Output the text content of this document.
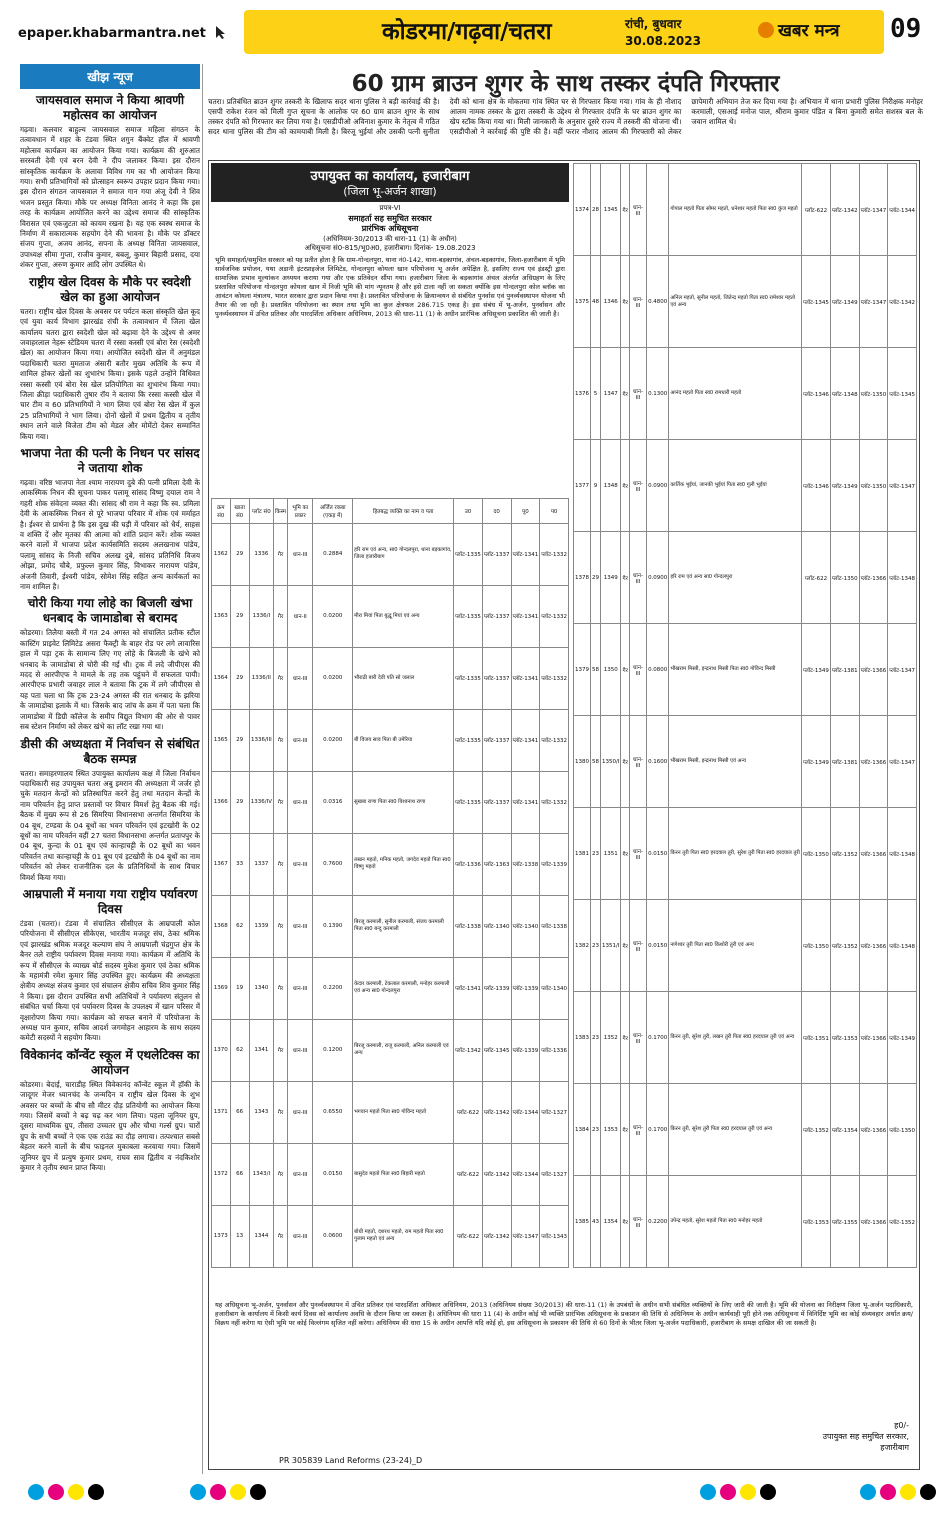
epaper.khabarmantra.net	कोडरमा/गढ़वा/चतरा	रांची, बुधवार
30.08.2023	खबर मन्त्र 09
खीझ न्यूज
जायसवाल समाज ने किया श्रावणी महोत्सव का आयोजन

गढ़वा। कलवार बाहुल्य जायसवाल समाज महिला संगठन के तत्वावधान में शहर के टंडवा स्थित शगुन बैंक्वेट हॉल में श्रावणी महोत्सव कार्यक्रम का आयोजन किया गया। कार्यक्रम की शुरुआत सरस्वती देवी एवं बरन देवी ने दीप जलाकर किया। इस दौरान सांस्कृतिक कार्यक्रम के अलावा विविध गम का भी आयोजन किया गया। सभी प्रतिभागियों को प्रोत्साहन स्वरूप उपहार प्रदान किया गया। इस दौरान संगठन जायसवाल ने समाज गान गया अंजू देवी ने शिव भजन प्रस्तुत किया। मौके पर अध्यक्ष विनिता आनंद ने कहा कि इस तरह के कार्यक्रम आयोजित करने का उद्देश्य समाज की सांस्कृतिक विरासत एवं एकजुटता को कायम रखना है। यह एक स्वस्थ समाज के निर्माण में सकारात्मक सहयोग देने की भावना है। मौके पर डॉक्टर संजय गुप्ता, अजय आनंद, सपना के अध्यक्ष विनिता जायसवाल, उपाध्यक्ष सीमा गुप्ता, राजीव कुमार, बबलू, कुमार बिहारी प्रसाद, दया शंकर गुप्ता, अरुण कुमार आदि लोग उपस्थित थे।

राष्ट्रीय खेल दिवस के मौके पर स्वदेशी खेल का हुआ आयोजन

चतरा। राष्ट्रीय खेल दिवस के अवसर पर पर्यटन कला संस्कृति खेल कूद एवं युवा कार्य विभाग झारखंड रांची के तत्वावधान में जिला खेल कार्यालय चतरा द्वारा स्वदेशी खेल को बढ़ावा देने के उद्देश्य से अमर जवाहरलाल नेहरू स्टेडियम चतरा में रस्सा कस्सी एवं बोरा रेस (स्वदेशी खेल) का आयोजन किया गया। आयोजित स्वदेशी खेल में अनुमंडल पदाधिकारी चतरा मुमताज अंसारी बतौर मुख्य अतिथि के रूप में शामिल होकर खेलों का शुभारंभ किया। इसके पहले उन्होंने विधिवत रस्सा कस्सी एवं बोरा रेस खेल प्रतियोगिता का शुभारंभ किया गया। जिला क्रीड़ा पदाधिकारी तुषार रॉय ने बताया कि रस्सा कस्सी खेल में चार टीम व 60 प्रतिभागियों ने भाग लिया एवं बोरा रेस खेल में कुल 25 प्रतिभागियों ने भाग लिया। दोनों खेलों में प्रथम द्वितीय व तृतीय स्थान लाने वाले विजेता टीम को मेडल और मोमेंटो देकर सम्मानित किया गया।

भाजपा नेता की पत्नी के निधन पर सांसद ने जताया शोक

गढ़वा। वरिष्ठ भाजपा नेता श्याम नारायण दुबे की पत्नी प्रमिला देवी के आकस्मिक निधन की सूचना पाकर पलामू सांसद विष्णु दयाल राम ने गहरी शोक संवेदना व्यक्त की। सांसद श्री राम ने कहा कि स्व. प्रमिला देवी के आकस्मिक निधन से पूरे भाजपा परिवार में शोक एवं मर्माहत है। ईश्वर से प्रार्थना है कि इस दुख की घड़ी में परिवार को धैर्य, साहस व शक्ति दें और मृतका की आत्मा को शांति प्रदान करें। शोक व्यक्त करने वालों में भाजपा प्रदेश कार्यसमिति सदस्य अलखनाथ पांडेय, पलामू सांसद के निजी सचिव अलख दुबे, सांसद प्रतिनिधि विजय ओझा, प्रमोद चौबे, प्रफुल्ल कुमार सिंह, विभाकर नारायण पांडेय, अंजनी तिवारी, ईश्वरी पांडेय, सोमेश सिंह सहित अन्य कार्यकर्ता का नाम शामिल है।

चोरी किया गया लोहे का बिजली खंभा धनबाद के जामाडोबा से बरामद

कोडरमा। तिलैया बस्ती में गत 24 अगस्त को संचालित प्रतीक स्टील कास्टिंग प्राइवेट लिमिटेड असरा फैक्ट्री के बाहर रोड पर लगे लावारिस हाल में पड़ा ट्रक के सामान्य लिए गए लोहे के बिजली के खंभे को धनबाद के जामाडोबा से चोरी की गई थी। ट्रक में लदे जीपीएस की मदद से आरपीएफ ने मामले के तह तक पहुंचने में सफलता पायी। आरपीएफ प्रभारी जवाहर लाल ने बताया कि ट्रक में लगे जीपीएस से यह पता चला था कि ट्रक 23-24 अगस्त की रात धनबाद के झरिया के जामाडोबा इलाके में था। जिसके बाद जांच के क्रम में पता चला कि जामाडोबा में डिग्री कॉलेज के समीप विद्युत विभाग की ओर से पावर सब स्टेशन निर्माण को लेकर खंभे का लॉट रखा गया था।

डीसी की अध्यक्षता में निर्वाचन से संबंधित बैठक सम्पन्न

चतरा। समाहरणालय स्थित उपायुक्त कार्यालय कक्ष में जिला निर्वाचन पदाधिकारी सह उपायुक्त चतरा अबु इमरान की अध्यक्षता में जर्जर हो चुके मतदान केन्द्रों को प्रतिस्थापित करने हेतु तथा मतदान केन्द्रों के नाम परिवर्तन हेतु प्राप्त प्रस्तावों पर विचार विमर्श हेतु बैठक की गई। बैठक में मुख्य रूप से 26 सिमरिया विधानसभा अन्तर्गत सिमरिया के 04 बूथ, टण्डवा के 04 बूथों का भवन परिवर्तन एवं इटखोरी के 02 बूथों का नाम परिवर्तन वहीं 27 चतरा विधानसभा अन्तर्गत प्रतापपुर के 04 बूथ, कुन्दा के 01 बूथ एवं कान्हाचट्टी के 02 बूथों का भवन परिवर्तन तथा कान्हाचट्टी के 01 बूथ एवं इटखोरी के 04 बूथों का नाम परिवर्तन को लेकर राजनीतिक दल के प्रतिनिधियों के साथ विचार विमर्श किया गया।

आम्रपाली में मनाया गया राष्ट्रीय पर्यावरण दिवस

टंडवा (चतरा)। टंडवा में संचालित सीसीएल के आम्रपाली कोल परियोजना में सीसीएल सीकेएस, भारतीय मजदूर संघ, ठेका श्रमिक एवं झारखंड श्रमिक मजदूर कल्याण संघ ने आम्रपाली चंद्रगुप्त क्षेत्र के बैनर तले राष्ट्रीय पर्यावरण दिवस मनाया गया। कार्यक्रम में अतिथि के रूप में सीसीएल के व्याख्य बोर्ड सदस्य मुकेश कुमार एवं ठेका श्रमिक के महामंत्री रमेश कुमार सिंह उपस्थित हुए। कार्यक्रम की अध्यक्षता क्षेत्रीय अध्यक्ष संजय कुमार एवं संचालन क्षेत्रीय सचिव शिव कुमार सिंह ने किया। इस दौरान उपस्थित सभी अतिथियों ने पर्यावरण संतुलन से संबंधित चर्चा किया एवं पर्यावरण दिवस के उपलक्ष्य में खान परिसर में वृक्षारोपण किया गया। कार्यक्रम को सफल बनाने में परियोजना के अध्यक्ष पान कुमार, सचिव आदर्श जगमोहन आहारम के साथ सदस्य कमेटी सदस्यों ने सहयोग किया।

विवेकानंद कॉन्वेंट स्कूल में एथलेटिक्स का आयोजन

कोडरमा। बेदाई, चाराडीह स्थित विवेकानंद कॉन्वेंट स्कूल में हॉकी के जादूगर मेजर ध्यानचंद के जन्मदिन व राष्ट्रीय खेल दिवस के शुभ अवसर पर बच्चों के बीच सौ मीटर दौड़ प्रतियोगी का आयोजन किया गया। जिसमें बच्चों ने बढ़ चढ़ कर भाग लिया। पहला जूनियर ग्रुप, दूसरा माध्यमिक ग्रुप, तीसरा उच्चतर ग्रुप और चौथा गर्ल्स ग्रुप। चारों ग्रुप के सभी बच्चों ने एक एक राउंड का दौड़ लगाया। तत्पश्चात सबसे बेहतर करने वालों के बीच फाइनल मुकाबला करवाया गया। जिसमें जूनियर ग्रुप में प्रत्युष कुमार प्रथम, राघव साव द्वितीय व नंदकिशोर कुमार ने तृतीय स्थान प्राप्त किया।

60 ग्राम ब्राउन शुगर के साथ तस्कर दंपति गिरफ्तार
चतरा। प्रतिबंधित ब्राउन शुगर तस्करी के खिलाफ सदर थाना पुलिस ने बड़ी कार्रवाई की है। एसपी राकेश रंजन को मिली गुप्त सूचना के आलोक पर 60 ग्राम ब्राउन शुगर के साथ तस्कर दंपति को गिरफ्तार कर लिया गया है। एसडीपीओ अविनाश कुमार के नेतृत्व में गठित सदर थाना पुलिस की टीम को कामयाबी मिली है। बिरजू भुईयां और उसकी पत्नी सुनीता देवी को थाना क्षेत्र के मोकतमा गांव स्थित घर से गिरफ्तार किया गया। गांव के ही नौशाद आलम नामक तस्कर के द्वारा तस्करी के उद्देश्य से गिरफ्तार दंपति के घर ब्राउन शुगर का खेप स्टॉक किया गया था। मिली जानकारी के अनुसार दूसरे राज्य में तस्करी की योजना थी। एसडीपीओ ने कार्रवाई की पुष्टि की है। वहीं फरार नौशाद आलम की गिरफ्तारी को लेकर छापेमारी अभियान तेज कर दिया गया है। अभियान में थाना प्रभारी पुलिस निरीक्षक मनोहर करमाली, एसआई मनोज पाल, श्रीराम कुमार पंडित व बिना कुमारी समेत सशस्त्र बल के जवान शामिल थे।
उपायुक्त का कार्यालय, हजारीबाग
(जिला भू-अर्जन शाखा)
प्रपत्र-VI
समाहर्ता सह समुचित सरकार
प्रारंभिक अधिसूचना
(अधिनियम-30/2013 की धारा-11 (1) के अधीन)
अधिसूचना सं0-815/भू0अ0, हजारीबाग। दिनांक- 19.08.2023
भूमि समाहर्ता/समुचित सरकार को यह प्रतीत होता है कि ग्राम-गोन्दलपुरा, थाना नं0-142, थाना-बड़कागांव, अंचल-बड़कागांव, जिला-हजारीबाग में भूमि सार्वजनिक प्रयोजन, यथा अडानी इंटरप्राइजेज लिमिटेड, गोन्दलपुरा कोयला खान परियोजना भू अर्जन अपेक्षित है, इसलिए राज्य एवं इंडस्ट्री द्वारा सामाजिक प्रभाव मूल्यांकन अध्ययन कराया गया और एक प्रतिवेदन सौंपा गया। हजारीबाग जिला के बड़कागांव अंचल अंतर्गत अधिग्रहण के लिए प्रस्तावित परियोजना गोन्दलपुरा कोयला खान में निजी भूमि की मांग न्यूनतम है और इसे टाला नहीं जा सकता क्योंकि इस गोन्दलपुरा कोल ब्लॉक का आवंटन कोयला मंत्रालय, भारत सरकार द्वारा प्रदान किया गया है। प्रस्तावित परियोजना के क्रियान्वयन से संबंधित पुनर्वास एवं पुनर्व्यवस्थापन योजना भी तैयार की जा रही है। प्रस्तावित परियोजना का स्थान तथा भूमि का कुल क्षेत्रफल 286.715 एकड़ है। इस संबंध में भू-अर्जन, पुनर्वासन और पुनर्व्यवस्थापन में उचित प्रतिकर और पारदर्शिता अधिकार अधिनियम, 2013 की धारा-11 (1) के अधीन प्रारंभिक अधिसूचना प्रकाशित की जाती है।
क्रम सं0	खाता सं0	प्लॉट सं0	किस्म	भूमि का प्रकार	अर्जित रकबा (एकड़ में)	हितबद्ध व्यक्ति का नाम व पता	उ0	द0	पू0	प0
1362	29	1336	गैर	धान-III	0.2884	हरि राम एवं अन्य, सा0 गोन्दलपुरा, थाना बड़कागांव, जिला हजारीबाग	प्लॉट-1335	प्लॉट-1337	प्लॉट-1341	प्लॉट-1332
1363	29	1336/I	गैर	धान-II	0.0200	मीरा मियां पिता बुद्धू मियां एवं अन्य	प्लॉट-1335	प्लॉट-1337	प्लॉट-1341	प्लॉट-1332
1364	29	1336/II	गैर	धान-III	0.0200	भौराठी बारी देवी पति सो जलाल	प्लॉट-1335	प्लॉट-1337	प्लॉट-1341	प्लॉट-1332
1365	29	1336/III	गैर	धान-III	0.0200	बी विजय साव पिता बी उमेरिया	प्लॉट-1335	प्लॉट-1337	प्लॉट-1341	प्लॉट-1332
1366	29	1336/IV	गैर	धान-III	0.0316	सुखबा राणा पिता स्व0 विश्वनाथ राणा	प्लॉट-1335	प्लॉट-1337	प्लॉट-1341	प्लॉट-1332
1367	33	1337	गैर	धान-III	0.7600	लखन महतो, मनिक महतो, जगदेव महतो पिता स्व0 विष्णु महतो	प्लॉट-1336	प्लॉट-1363	प्लॉट-1338	प्लॉट-1339
1368	62	1339	गैर	धान-III	0.1390	बिरजू करमाली, सुनील करमाली, संजय करमाली पिता स्व0 बन्दु करमाली	प्लॉट-1338	प्लॉट-1340	प्लॉट-1340	प्लॉट-1338
1369	19	1340	गैर	धान-III	0.2200	केदार करमाली, टेकलाल करमाली, मनोहर करमाली एवं अन्य सा0 गोन्दलपुरा	प्लॉट-1341	प्लॉट-1339	प्लॉट-1339	प्लॉट-1340
1370	62	1341	गैर	धान-III	0.1200	बिरजू करमाली, राजू करमाली, अनिल करमाली एवं अन्य	प्लॉट-1342	प्लॉट-1345	प्लॉट-1339	प्लॉट-1336
1371	66	1343	गैर	धान-III	0.6550	भगवान महतो पिता स्व0 गोविन्द महतो	प्लॉट-622	प्लॉट-1342	प्लॉट-1344	प्लॉट-1327
1372	66	1343/I	गैर	धान-III	0.0150	बासुदेव महतो पिता स्व0 बिहारी महतो	प्लॉट-622	प्लॉट-1342	प्लॉट-1344	प्लॉट-1327
1373	13	1344	गैर	धान-III	0.0600	बोधी महतो, दशरथ महतो, राम महतो पिता स्व0 गुलाम महतो एवं अन्य	प्लॉट-622	प्लॉट-1342	प्लॉट-1347	प्लॉट-1343
1374	28	1345	गैर	धान-III		गोपाल महतो पिता सोमर महतो, धनेश्वर महतो पिता स्व0 कुंज महतो	प्लॉट-622	प्लॉट-1342	प्लॉट-1347	प्लॉट-1344
1375	48	1346	गैर	धान-III	0.4800	अनिल महतो, सुनील महतो, जितेन्द्र महतो पिता स्व0 रामेश्वर महतो एवं अन्य	प्लॉट-1345	प्लॉट-1349	प्लॉट-1347	प्लॉट-1342
1376	5	1347	गैर	धान-III	0.1300	आनंद महतो पिता स्व0 रामधारी महतो	प्लॉट-1346	प्लॉट-1348	प्लॉट-1350	प्लॉट-1345
1377	9	1348	गैर	धान-III	0.0900	कार्तिक भुईयां, जानकी भुईयां पिता स्व0 गुली भुईयां	प्लॉट-1346	प्लॉट-1349	प्लॉट-1350	प्लॉट-1347
1378	29	1349	गैर	धान-III	0.0900	हरि राम एवं अन्य सा0 गोन्दलपुरा	प्लॉट-622	प्लॉट-1350	प्लॉट-1366	प्लॉट-1348
1379	58	1350	गैर	धान-III	0.0800	भीखराम मिस्त्री, इन्द्रनाथ मिस्त्री पिता स्व0 गोविन्द मिस्त्री	प्लॉट-1349	प्लॉट-1381	प्लॉट-1366	प्लॉट-1347
1380	58	1350/I	गैर	धान-III	0.1600	भीखराम मिस्त्री, इन्द्रनाथ मिस्त्री एवं अन्य	प्लॉट-1349	प्लॉट-1381	प्लॉट-1366	प्लॉट-1347
1381	23	1351	गैर	धान-III	0.0150	किरन तुरी पिता स्व0 हरदयाल तुरी, सुरेश तुरी पिता स्व0 हरदयाल तुरी	प्लॉट-1350	प्लॉट-1352	प्लॉट-1366	प्लॉट-1348
1382	23	1351/I	गैर	धान-III	0.0150	नागेश्वर तुरी पिता स्व0 किशोरी तुरी एवं अन्य	प्लॉट-1350	प्लॉट-1352	प्लॉट-1366	प्लॉट-1348
1383	23	1352	गैर	धान-III	0.1700	किरन तुरी, सुरेश तुरी, लखन तुरी पिता स्व0 हरदयाल तुरी एवं अन्य	प्लॉट-1351	प्लॉट-1353	प्लॉट-1366	प्लॉट-1349
1384	23	1353	गैर	धान-III	0.1700	किरन तुरी, सुरेश तुरी पिता स्व0 हरदयाल तुरी एवं अन्य	प्लॉट-1352	प्लॉट-1354	प्लॉट-1366	प्लॉट-1350
1385	43	1354	गैर	धान-III	0.2200	उपेन्द्र महतो, सुरेश महतो पिता स्व0 मनोहर महतो	प्लॉट-1353	प्लॉट-1355	प्लॉट-1366	प्लॉट-1352
यह अधिसूचना भू-अर्जन, पुनर्वासन और पुनर्व्यवस्थापन में उचित प्रतिकर एवं पारदर्शिता अधिकार अधिनियम, 2013 (अधिनियम संख्या 30/2013) की धारा-11 (1) के उपबंधों के अधीन सभी संबंधित व्यक्तियों के लिए जारी की जाती है। भूमि की योजना का निरीक्षण जिला भू-अर्जन पदाधिकारी, हजारीबाग के कार्यालय में किसी कार्य दिवस को कार्यालय अवधि के दौरान किया जा सकता है। अधिनियम की धारा 11 (4) के अधीन कोई भी व्यक्ति प्रारंभिक अधिसूचना के प्रकाशन की तिथि से अधिनियम के अधीन कार्यवाही पूरी होने तक अधिसूचना में विनिर्दिष्ट भूमि का कोई संव्यवहार अर्थात क्रय/विक्रय नहीं करेगा या ऐसी भूमि पर कोई विल्लंगम सृजित नहीं करेगा। अधिनियम की धारा 15 के अधीन आपत्ति यदि कोई हो, इस अधिसूचना के प्रकाशन की तिथि से 60 दिनों के भीतर जिला भू-अर्जन पदाधिकारी, हजारीबाग के समक्ष दाखिल की जा सकती है।
ह0/-
उपायुक्त सह समुचित सरकार,
हजारीबाग
PR 305839 Land Reforms (23-24)_D
